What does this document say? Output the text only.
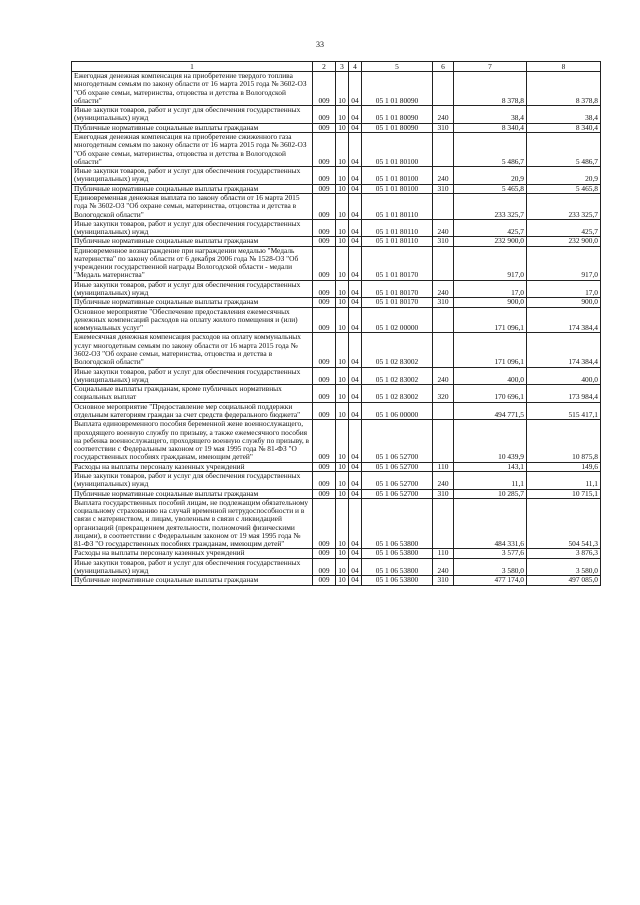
33
1	2	3	4	5	6	7	8
Ежегодная денежная компенсация на приобретение твердого топлива многодетным семьям по закону области от 16 марта 2015 года № 3602-ОЗ "Об охране семьи, материнства, отцовства и детства в Вологодской области"	009	10	04	05 1 01 80090		8 378,8	8 378,8
Иные закупки товаров, работ и услуг для обеспечения государственных (муниципальных) нужд	009	10	04	05 1 01 80090	240	38,4	38,4
Публичные нормативные социальные выплаты гражданам	009	10	04	05 1 01 80090	310	8 340,4	8 340,4
Ежегодная денежная компенсация на приобретение сжиженного газа многодетным семьям по закону области от 16 марта 2015 года № 3602-ОЗ "Об охране семьи, материнства, отцовства и детства в Вологодской области"	009	10	04	05 1 01 80100		5 486,7	5 486,7
Иные закупки товаров, работ и услуг для обеспечения государственных (муниципальных) нужд	009	10	04	05 1 01 80100	240	20,9	20,9
Публичные нормативные социальные выплаты гражданам	009	10	04	05 1 01 80100	310	5 465,8	5 465,8
Единовременная денежная выплата по закону области от 16 марта 2015 года № 3602-ОЗ "Об охране семьи, материнства, отцовства и детства в Вологодской области"	009	10	04	05 1 01 80110		233 325,7	233 325,7
Иные закупки товаров, работ и услуг для обеспечения государственных (муниципальных) нужд	009	10	04	05 1 01 80110	240	425,7	425,7
Публичные нормативные социальные выплаты гражданам	009	10	04	05 1 01 80110	310	232 900,0	232 900,0
Единовременное вознаграждение при награждении медалью "Медаль материнства" по закону области от 6 декабря 2006 года № 1528-ОЗ "Об учреждении государственной награды Вологодской области - медали "Медаль материнства"	009	10	04	05 1 01 80170		917,0	917,0
Иные закупки товаров, работ и услуг для обеспечения государственных (муниципальных) нужд	009	10	04	05 1 01 80170	240	17,0	17,0
Публичные нормативные социальные выплаты гражданам	009	10	04	05 1 01 80170	310	900,0	900,0
Основное мероприятие "Обеспечение предоставления ежемесячных денежных компенсаций расходов на оплату жилого помещения и (или) коммунальных услуг"	009	10	04	05 1 02 00000		171 096,1	174 384,4
Ежемесячная денежная компенсация расходов на оплату коммунальных услуг многодетным семьям по закону области от 16 марта 2015 года № 3602-ОЗ "Об охране семьи, материнства, отцовства и детства в Вологодской области"	009	10	04	05 1 02 83002		171 096,1	174 384,4
Иные закупки товаров, работ и услуг для обеспечения государственных (муниципальных) нужд	009	10	04	05 1 02 83002	240	400,0	400,0
Социальные выплаты гражданам, кроме публичных нормативных социальных выплат	009	10	04	05 1 02 83002	320	170 696,1	173 984,4
Основное мероприятие "Предоставление мер социальной поддержки отдельным категориям граждан за счет средств федерального бюджета"	009	10	04	05 1 06 00000		494 771,5	515 417,1
Выплата единовременного пособия беременной жене военнослужащего, проходящего военную службу по призыву, а также ежемесячного пособия на ребенка военнослужащего, проходящего военную службу по призыву, в соответствии с Федеральным законом от 19 мая 1995 года № 81-ФЗ "О государственных пособиях гражданам, имеющим детей"	009	10	04	05 1 06 52700		10 439,9	10 875,8
Расходы на выплаты персоналу казенных учреждений	009	10	04	05 1 06 52700	110	143,1	149,6
Иные закупки товаров, работ и услуг для обеспечения государственных (муниципальных) нужд	009	10	04	05 1 06 52700	240	11,1	11,1
Публичные нормативные социальные выплаты гражданам	009	10	04	05 1 06 52700	310	10 285,7	10 715,1
Выплата государственных пособий лицам, не подлежащим обязательному социальному страхованию на случай временной нетрудоспособности и в связи с материнством, и лицам, уволенным в связи с ликвидацией организаций (прекращением деятельности, полномочий физическими лицами), в соответствии с Федеральным законом от 19 мая 1995 года № 81-ФЗ "О государственных пособиях гражданам, имеющим детей"	009	10	04	05 1 06 53800		484 331,6	504 541,3
Расходы на выплаты персоналу казенных учреждений	009	10	04	05 1 06 53800	110	3 577,6	3 876,3
Иные закупки товаров, работ и услуг для обеспечения государственных (муниципальных) нужд	009	10	04	05 1 06 53800	240	3 580,0	3 580,0
Публичные нормативные социальные выплаты гражданам	009	10	04	05 1 06 53800	310	477 174,0	497 085,0
